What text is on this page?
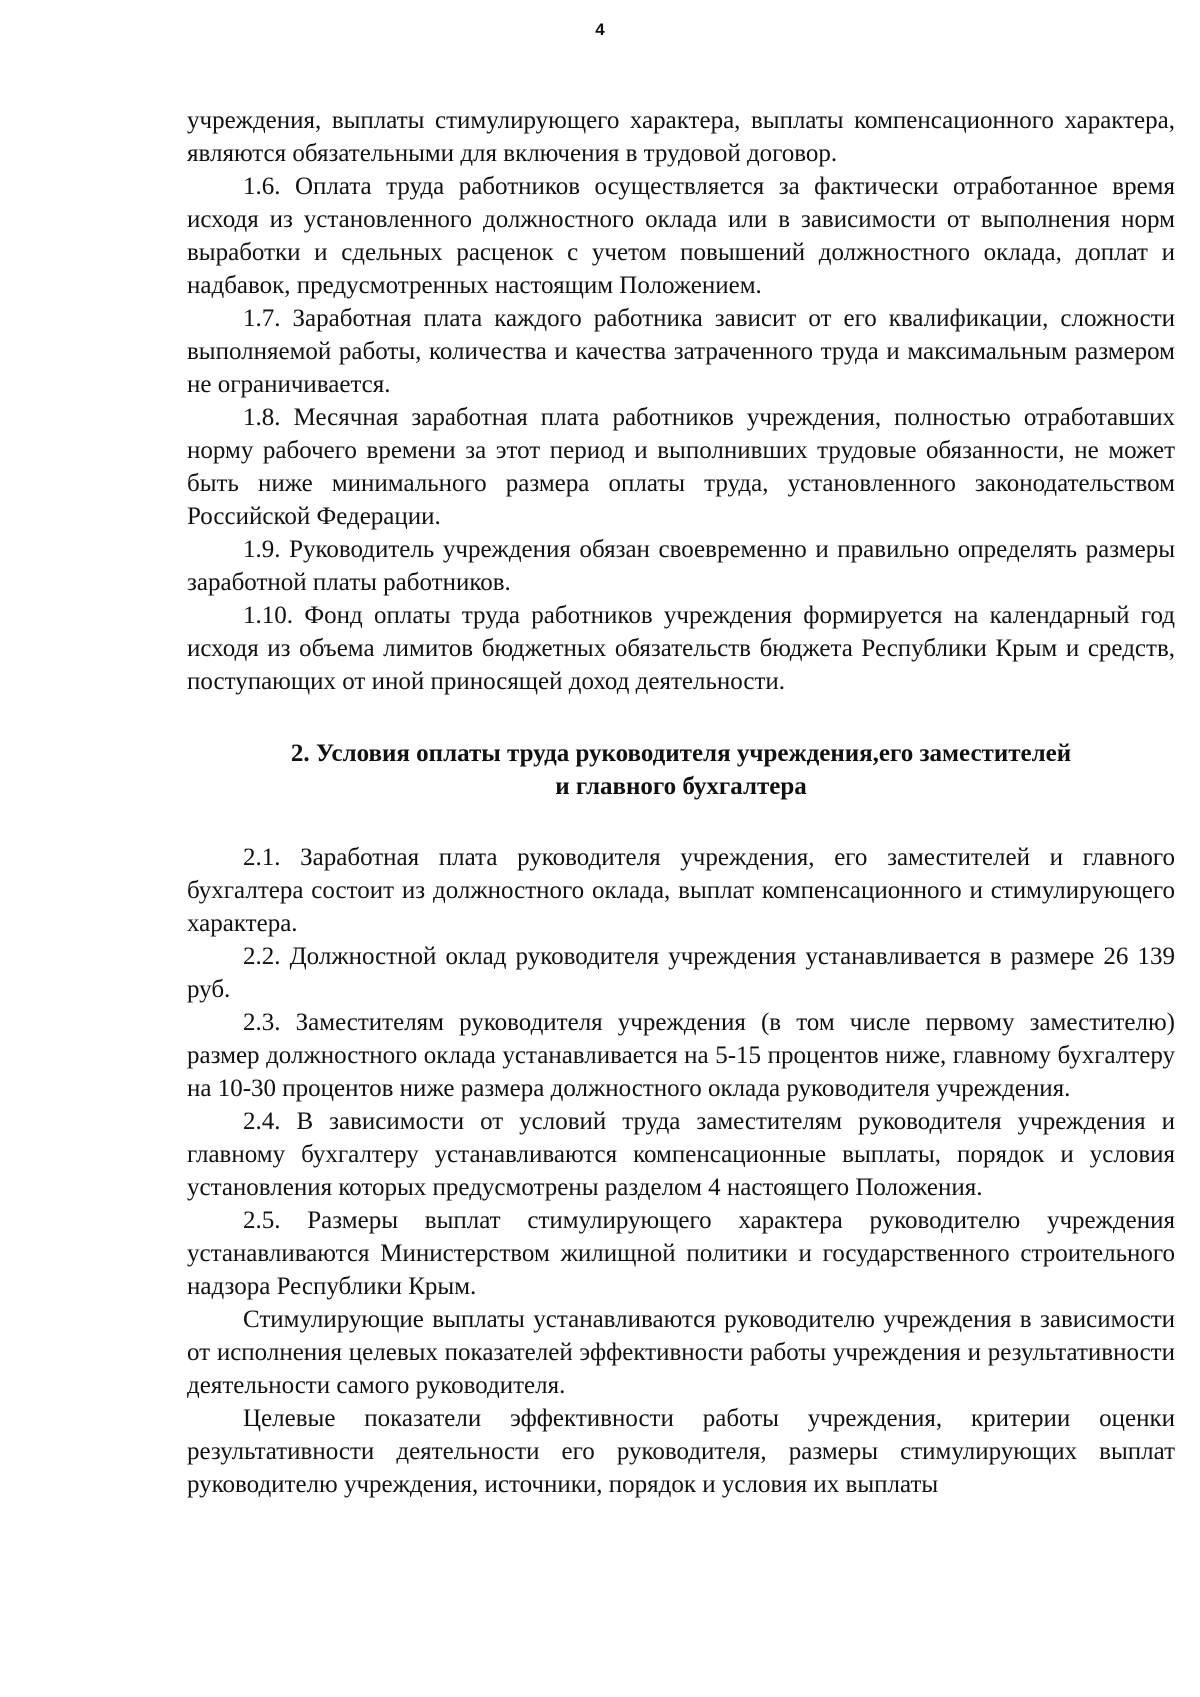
4

учреждения, выплаты стимулирующего характера, выплаты компенсационного характера, являются обязательными для включения в трудовой договор.

1.6. Оплата труда работников осуществляется за фактически отработанное время исходя из установленного должностного оклада или в зависимости от выполнения норм выработки и сдельных расценок с учетом повышений должностного оклада, доплат и надбавок, предусмотренных настоящим Положением.

1.7. Заработная плата каждого работника зависит от его квалификации, сложности выполняемой работы, количества и качества затраченного труда и максимальным размером не ограничивается.

1.8. Месячная заработная плата работников учреждения, полностью отработавших норму рабочего времени за этот период и выполнивших трудовые обязанности, не может быть ниже минимального размера оплаты труда, установленного законодательством Российской Федерации.

1.9. Руководитель учреждения обязан своевременно и правильно определять размеры заработной платы работников.

1.10. Фонд оплаты труда работников учреждения формируется на календарный год исходя из объема лимитов бюджетных обязательств бюджета Республики Крым и средств, поступающих от иной приносящей доход деятельности.

2. Условия оплаты труда руководителя учреждения,его заместителей
и главного бухгалтера

2.1. Заработная плата руководителя учреждения, его заместителей и главного бухгалтера состоит из должностного оклада, выплат компенсационного и стимулирующего характера.

2.2. Должностной оклад руководителя учреждения устанавливается в размере 26 139 руб.

2.3. Заместителям руководителя учреждения (в том числе первому заместителю) размер должностного оклада устанавливается на 5-15 процентов ниже, главному бухгалтеру на 10-30 процентов ниже размера должностного оклада руководителя учреждения.

2.4. В зависимости от условий труда заместителям руководителя учреждения и главному бухгалтеру устанавливаются компенсационные выплаты, порядок и условия установления которых предусмотрены разделом 4 настоящего Положения.

2.5. Размеры выплат стимулирующего характера руководителю учреждения устанавливаются Министерством жилищной политики и государственного строительного надзора Республики Крым.

Стимулирующие выплаты устанавливаются руководителю учреждения в зависимости от исполнения целевых показателей эффективности работы учреждения и результативности деятельности самого руководителя.

Целевые показатели эффективности работы учреждения, критерии оценки результативности деятельности его руководителя, размеры стимулирующих выплат руководителю учреждения, источники, порядок и условия их выплаты
